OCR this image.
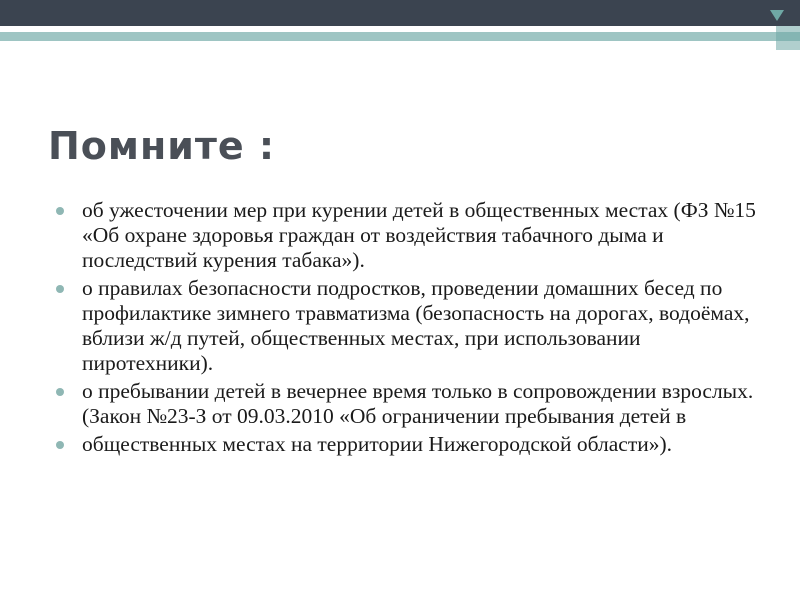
Помните :
об ужесточении мер при курении детей в общественных местах (ФЗ №15 «Об охране здоровья граждан от воздействия табачного дыма и последствий курения табака»).
о правилах безопасности подростков, проведении домашних бесед по профилактике зимнего травматизма (безопасность на дорогах, водоёмах, вблизи ж/д путей, общественных местах, при использовании пиротехники).
о пребывании детей в вечернее время только в сопровождении взрослых. (Закон №23-З от 09.03.2010 «Об ограничении пребывания детей в
общественных местах на территории Нижегородской области»).
